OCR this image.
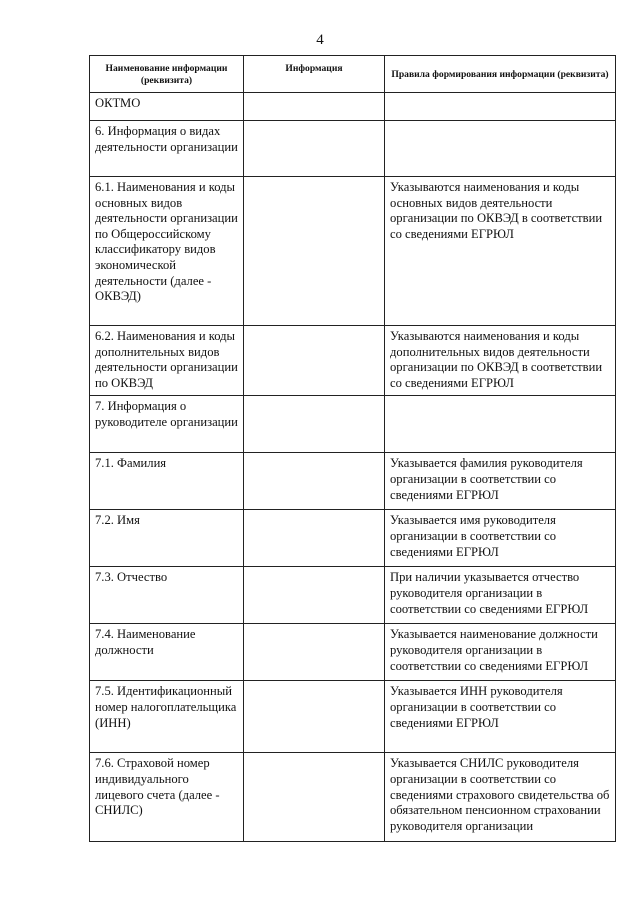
4
Наименование информации (реквизита)	Информация	Правила формирования информации (реквизита)
ОКТМО		
6. Информация о видах деятельности организации		
6.1. Наименования и коды основных видов деятельности организации по Общероссийскому классификатору видов экономической деятельности (далее - ОКВЭД)		Указываются наименования и коды основных видов деятельности организации по ОКВЭД в соответствии со сведениями ЕГРЮЛ
6.2. Наименования и коды дополнительных видов деятельности организации по ОКВЭД		Указываются наименования и коды дополнительных видов деятельности организации по ОКВЭД в соответствии со сведениями ЕГРЮЛ
7. Информация о руководителе организации		
7.1. Фамилия		Указывается фамилия руководителя организации в соответствии со сведениями ЕГРЮЛ
7.2. Имя		Указывается имя руководителя организации в соответствии со сведениями ЕГРЮЛ
7.3. Отчество		При наличии указывается отчество руководителя организации в соответствии со сведениями ЕГРЮЛ
7.4. Наименование должности		Указывается наименование должности руководителя организации в соответствии со сведениями ЕГРЮЛ
7.5. Идентификационный номер налогоплательщика (ИНН)		Указывается ИНН руководителя организации в соответствии со сведениями ЕГРЮЛ
7.6. Страховой номер индивидуального лицевого счета (далее - СНИЛС)		Указывается СНИЛС руководителя организации в соответствии со сведениями страхового свидетельства об обязательном пенсионном страховании руководителя организации
